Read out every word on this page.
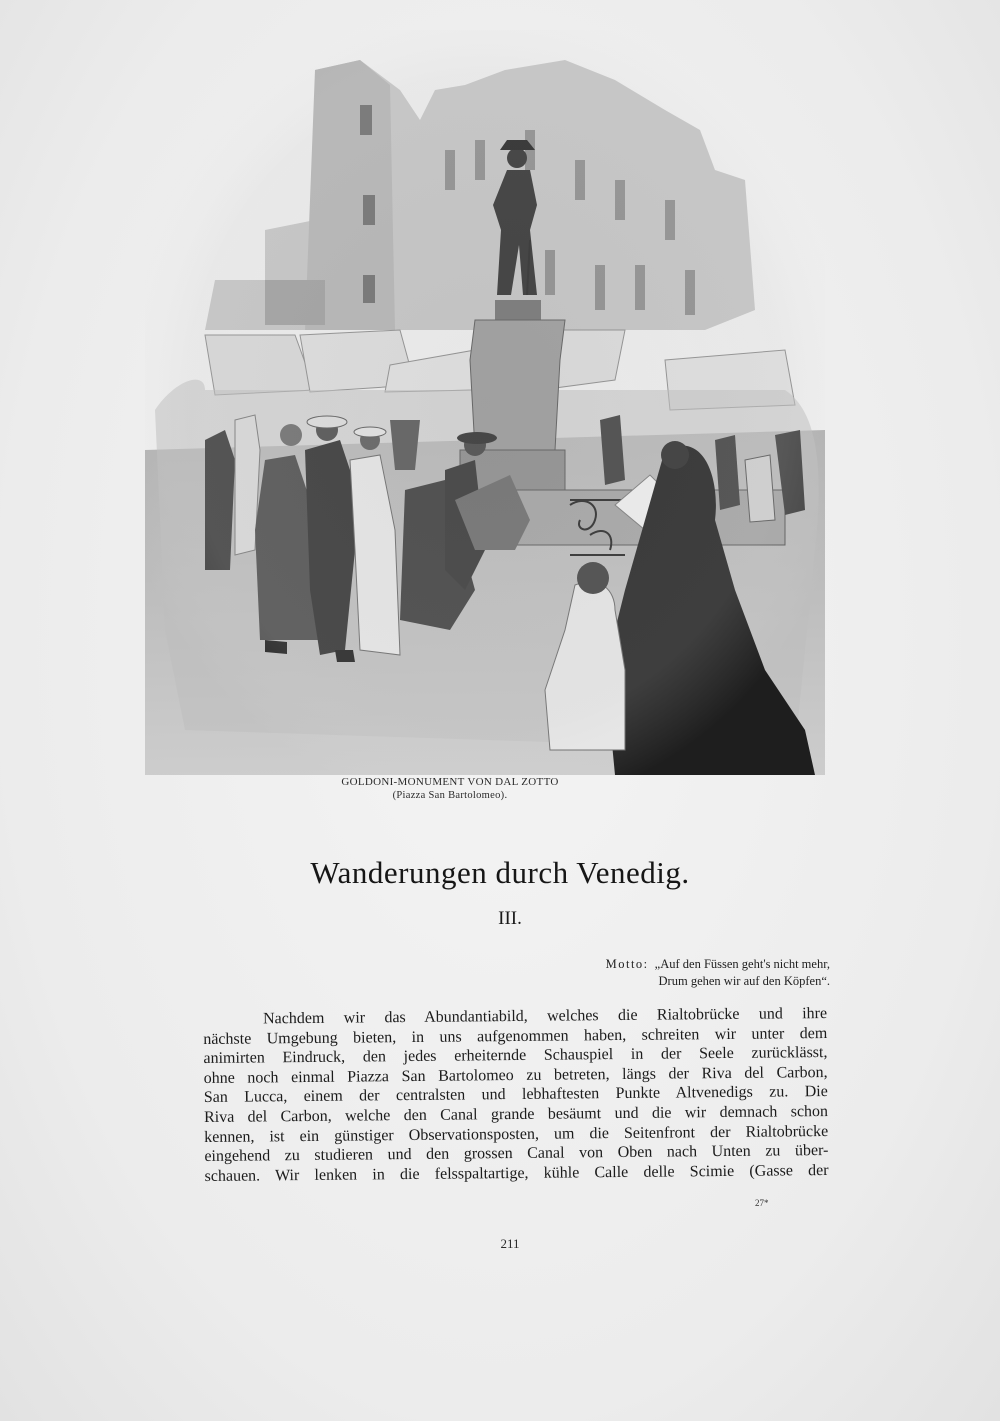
GOLDONI-MONUMENT VON DAL ZOTTO
(Piazza San Bartolomeo).
Wanderungen durch Venedig.
III.
Motto: „Auf den Füssen geht's nicht mehr,
Drum gehen wir auf den Köpfen“.
Nachdem wir das Abundantiabild, welches die Rialtobrücke und ihre
nächste Umgebung bieten, in uns aufgenommen haben, schreiten wir unter dem
animirten Eindruck, den jedes erheiternde Schauspiel in der Seele zurücklässt,
ohne noch einmal Piazza San Bartolomeo zu betreten, längs der Riva del Carbon,
San Lucca, einem der centralsten und lebhaftesten Punkte Altvenedigs zu. Die
Riva del Carbon, welche den Canal grande besäumt und die wir demnach schon
kennen, ist ein günstiger Observationsposten, um die Seitenfront der Rialtobrücke
eingehend zu studieren und den grossen Canal von Oben nach Unten zu über-
schauen. Wir lenken in die felsspaltartige, kühle Calle delle Scimie (Gasse der
27*
211
